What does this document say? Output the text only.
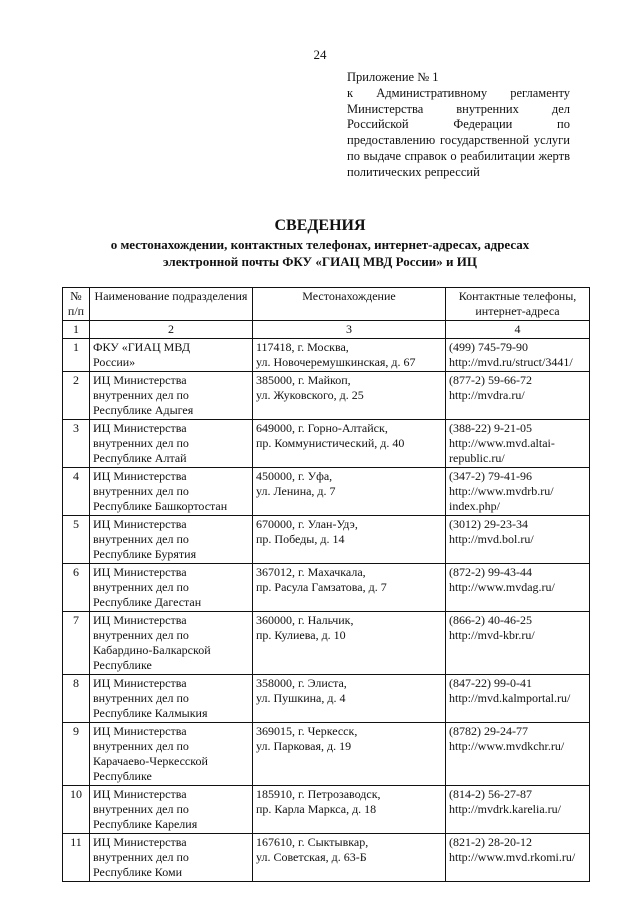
24
Приложение № 1
к Административному регламенту Министерства внутренних дел Российской Федерации по предоставлению государственной услуги по выдаче справок о реабилитации жертв политических репрессий
СВЕДЕНИЯ
о местонахождении, контактных телефонах, интернет-адресах, адресах электронной почты ФКУ «ГИАЦ МВД России» и ИЦ
№ п/п	Наименование подразделения	Местонахождение	Контактные телефоны, интернет-адреса
1	2	3	4
1	ФКУ «ГИАЦ МВД
России»	117418, г. Москва,
ул. Новочеремушкинская, д. 67	(499) 745-79-90
http://mvd.ru/struct/3441/

2	ИЦ Министерства
внутренних дел по
Республике Адыгея	385000, г. Майкоп,
ул. Жуковского, д. 25	(877-2) 59-66-72
http://mvdra.ru/

3	ИЦ Министерства
внутренних дел по
Республике Алтай	649000, г. Горно-Алтайск,
пр. Коммунистический, д. 40	(388-22) 9-21-05
http://www.mvd.altai-
republic.ru/

4	ИЦ Министерства
внутренних дел по
Республике Башкортостан	450000, г. Уфа,
ул. Ленина, д. 7	(347-2) 79-41-96
http://www.mvdrb.ru/
index.php/

5	ИЦ Министерства
внутренних дел по
Республике Бурятия	670000, г. Улан-Удэ,
пр. Победы, д. 14	(3012) 29-23-34
http://mvd.bol.ru/

6	ИЦ Министерства
внутренних дел по
Республике Дагестан	367012, г. Махачкала,
пр. Расула Гамзатова, д. 7	(872-2) 99-43-44
http://www.mvdag.ru/

7	ИЦ Министерства
внутренних дел по
Кабардино-Балкарской
Республике	360000, г. Нальчик,
пр. Кулиева, д. 10	(866-2) 40-46-25
http://mvd-kbr.ru/

8	ИЦ Министерства
внутренних дел по
Республике Калмыкия	358000, г. Элиста,
ул. Пушкина, д. 4	(847-22) 99-0-41
http://mvd.kalmportal.ru/

9	ИЦ Министерства
внутренних дел по
Карачаево-Черкесской
Республике	369015, г. Черкесск,
ул. Парковая, д. 19	(8782) 29-24-77
http://www.mvdkchr.ru/

10	ИЦ Министерства
внутренних дел по
Республике Карелия	185910, г. Петрозаводск,
пр. Карла Маркса, д. 18	(814-2) 56-27-87
http://mvdrk.karelia.ru/

11	ИЦ Министерства
внутренних дел по
Республике Коми	167610, г. Сыктывкар,
ул. Советская, д. 63-Б	(821-2) 28-20-12
http://www.mvd.rkomi.ru/
